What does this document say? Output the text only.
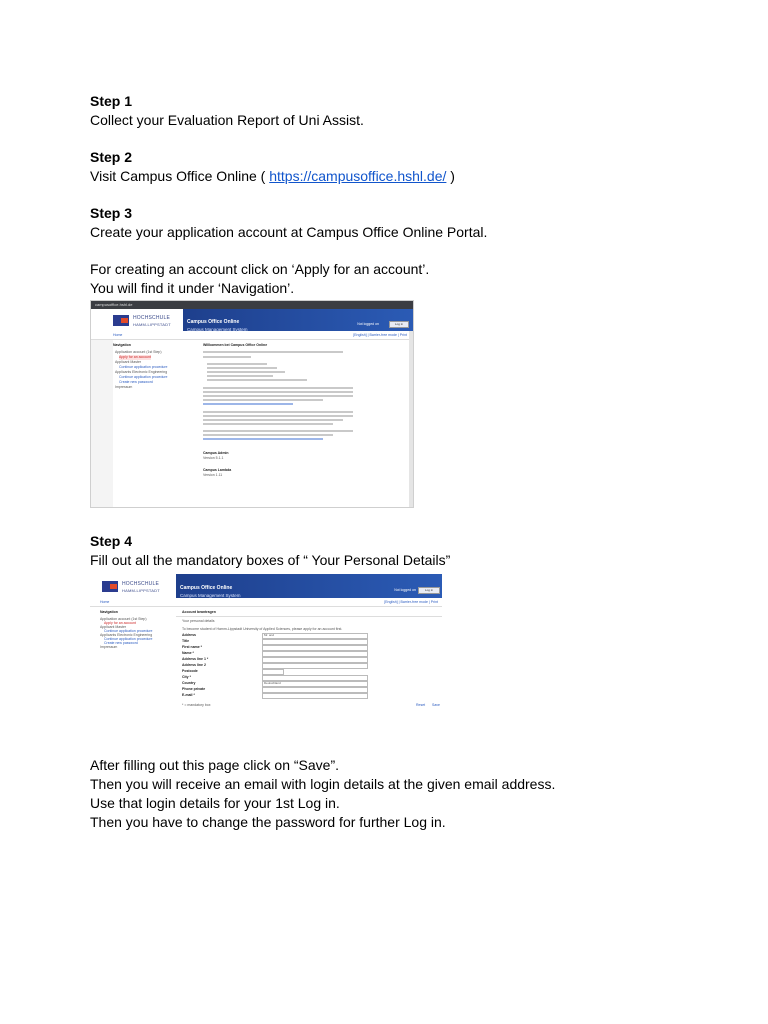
Step 1

Collect your Evaluation Report of Uni Assist.

Step 2

Visit Campus Office Online ( https://campusoffice.hshl.de/ )

Step 3

Create your application account at Campus Office Online Portal.

For creating an account click on ‘Apply for an account’.

You will find it under ‘Navigation’.

campusoffice.hshl.de
HOCHSCHULE
HAMM-LIPPSTADT	Campus Office Online
Campus Management System
Not logged on	Log in
Home	[English] | Barrier-free mode | Print
Navigation
Application account (1st Step)
Apply for an account
Applicant Master
Continue application procedure
Applicants Electronic Engineering
Continue application procedure
Create new password
Impressum
Willkommen bei Campus Office Online
Campus Admin
Version 5.1.1
Campus Lambda
Version 1.11

Step 4

Fill out all the mandatory boxes of “ Your Personal Details”

HOCHSCHULE
HAMM-LIPPSTADT	Campus Office Online
Campus Management System
Not logged on	Log in
Home	[English] | Barrier-free mode | Print
Navigation
Application account (1st Step)
Apply for an account
Applicant Master
Continue application procedure
Applicants Electronic Engineering
Continue application procedure
Create new password
Impressum
Account beantragen
Your personal details
To become student of Hamm-Lippstadt University of Applied Sciences, please apply for an account first.
Address	Mr. and
Title
First name *
Name *
Address line 1 *
Address line 2
Postcode
City *
Country	Deutschland
Phone private
E-mail *
* = mandatory box	Reset Save

After filling out this page click on “Save”.

Then you will receive an email with login details at the given email address.

Use that login details for your 1st Log in.

Then you have to change the password for further Log in.
